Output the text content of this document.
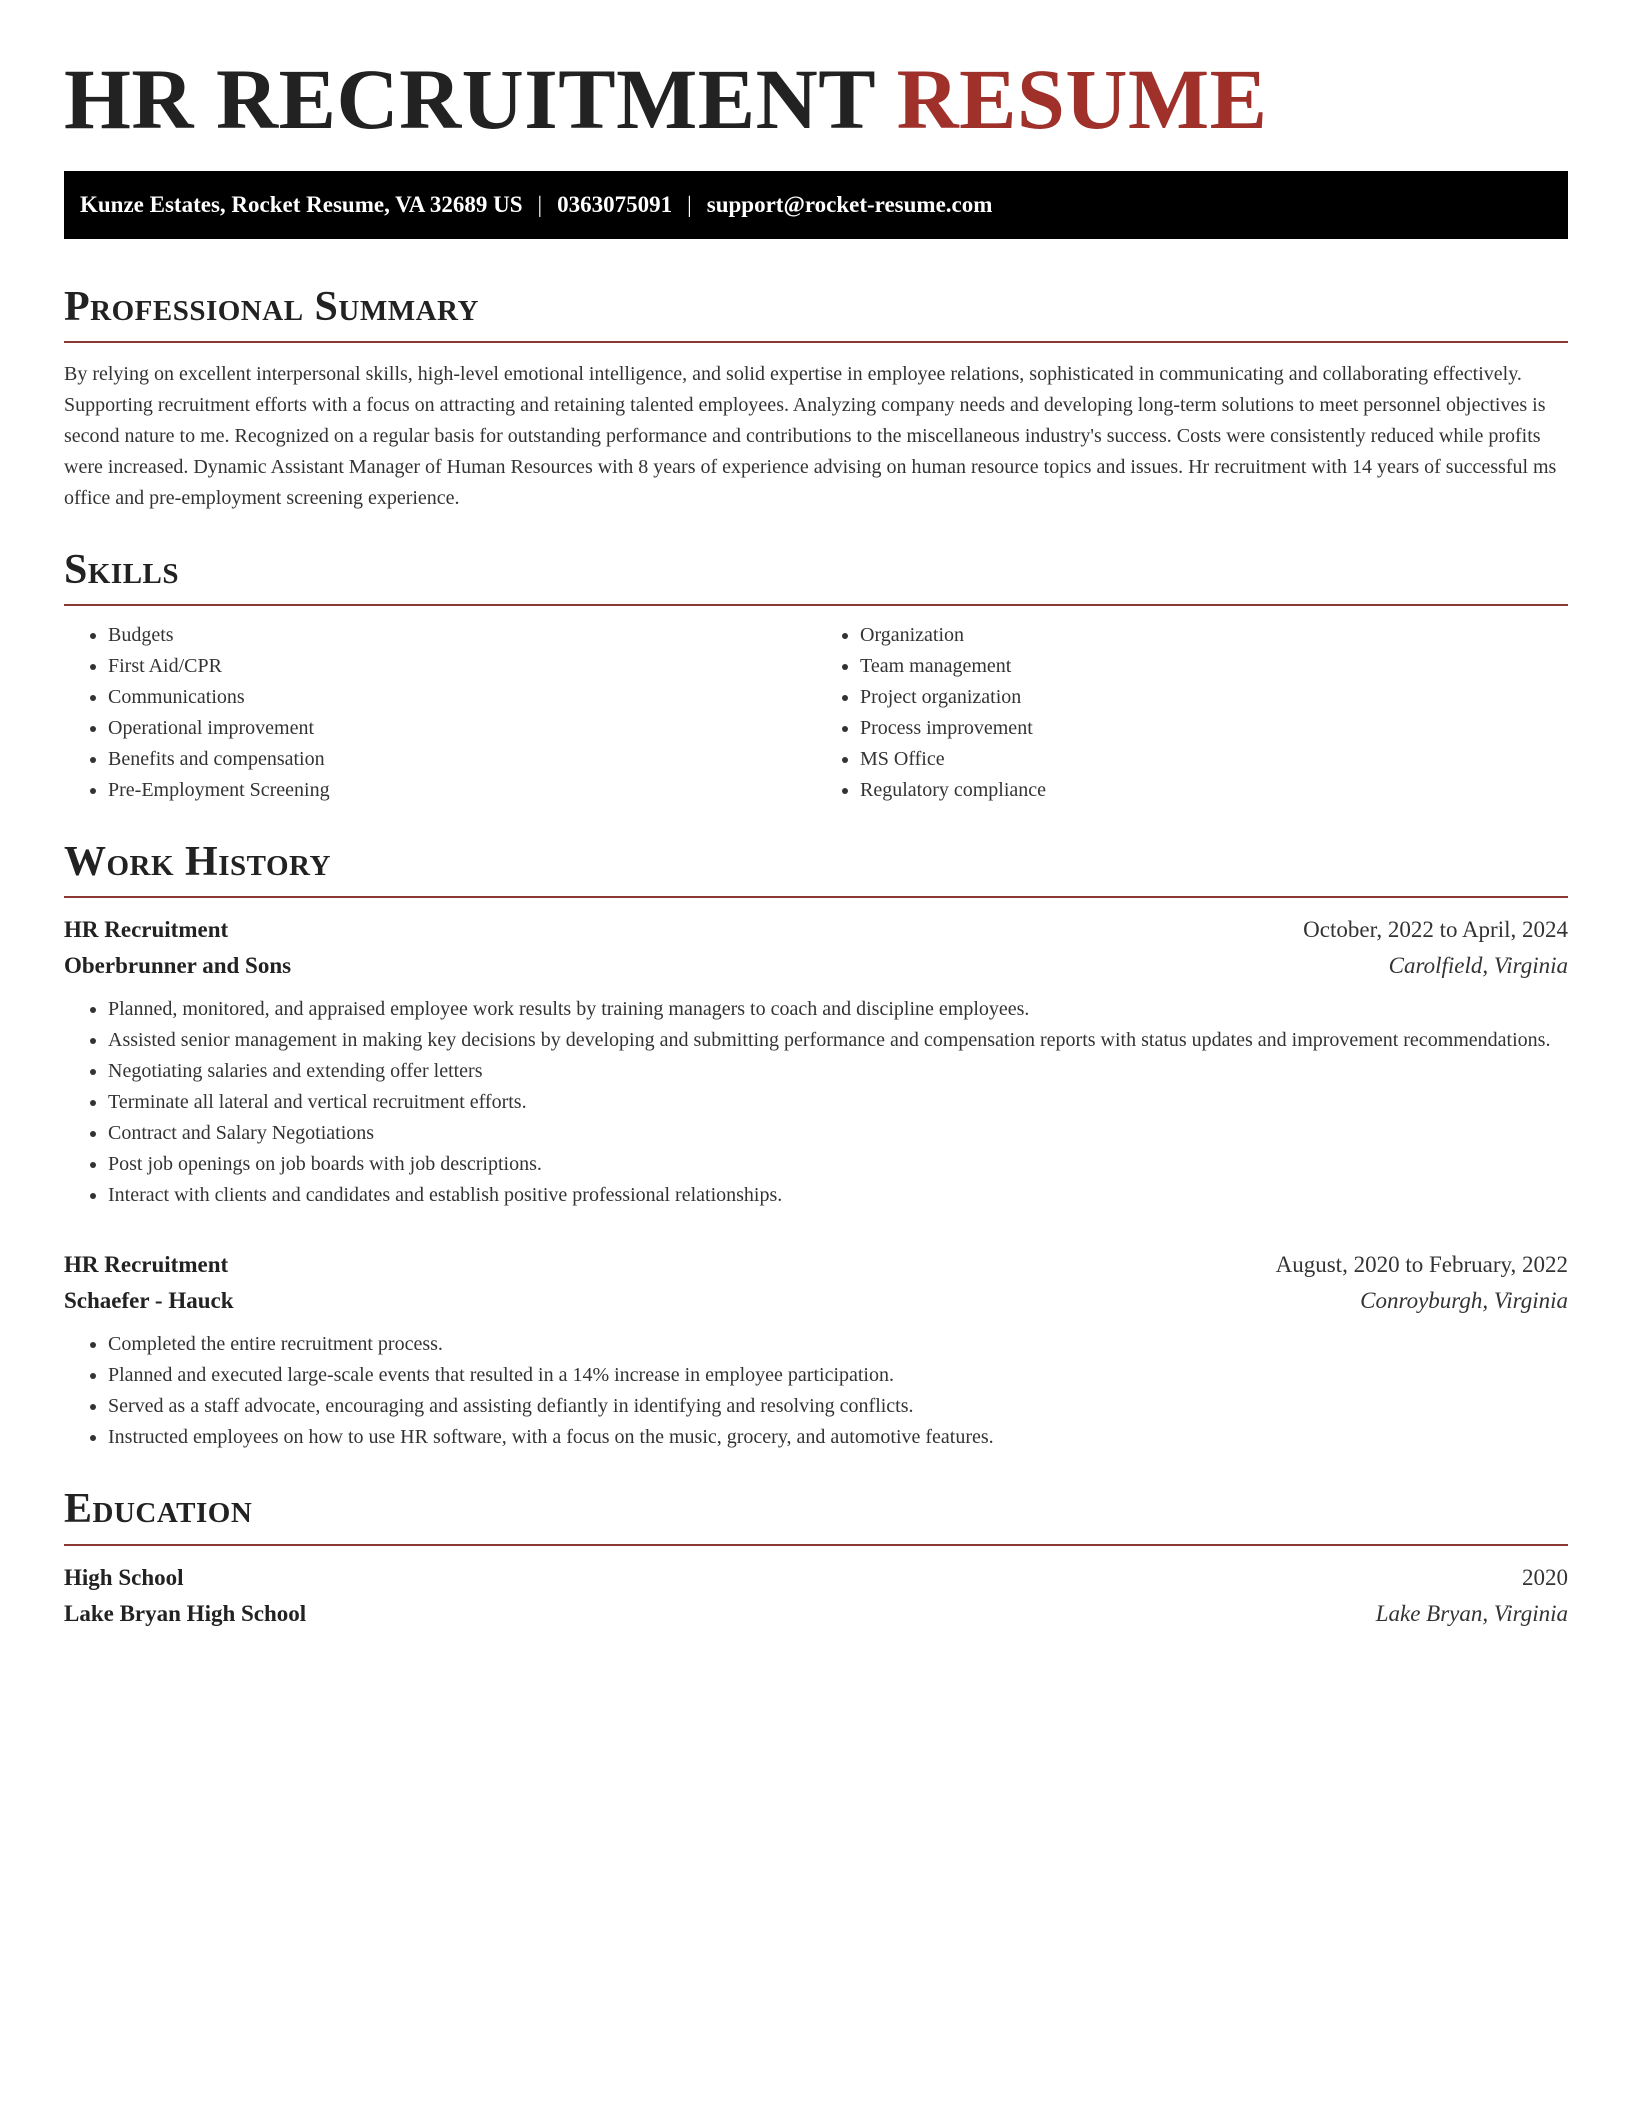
HR RECRUITMENT RESUME
Kunze Estates, Rocket Resume, VA 32689 US | 0363075091 | support@rocket-resume.com
Professional Summary

By relying on excellent interpersonal skills, high-level emotional intelligence, and solid expertise in employee relations, sophisticated in communicating and collaborating effectively. Supporting recruitment efforts with a focus on attracting and retaining talented employees. Analyzing company needs and developing long-term solutions to meet personnel objectives is second nature to me. Recognized on a regular basis for outstanding performance and contributions to the miscellaneous industry's success. Costs were consistently reduced while profits were increased. Dynamic Assistant Manager of Human Resources with 8 years of experience advising on human resource topics and issues. Hr recruitment with 14 years of successful ms office and pre-employment screening experience.

Skills
• Budgets
• First Aid/CPR
• Communications
• Operational improvement
• Benefits and compensation
• Pre-Employment Screening
• Organization
• Team management
• Project organization
• Process improvement
• MS Office
• Regulatory compliance
Work History
HR Recruitment	October, 2022 to April, 2024
Oberbrunner and Sons	Carolfield, Virginia
• Planned, monitored, and appraised employee work results by training managers to coach and discipline employees.
• Assisted senior management in making key decisions by developing and submitting performance and compensation reports with status updates and improvement recommendations.
• Negotiating salaries and extending offer letters
• Terminate all lateral and vertical recruitment efforts.
• Contract and Salary Negotiations
• Post job openings on job boards with job descriptions.
• Interact with clients and candidates and establish positive professional relationships.
HR Recruitment	August, 2020 to February, 2022
Schaefer - Hauck	Conroyburgh, Virginia
• Completed the entire recruitment process.
• Planned and executed large-scale events that resulted in a 14% increase in employee participation.
• Served as a staff advocate, encouraging and assisting defiantly in identifying and resolving conflicts.
• Instructed employees on how to use HR software, with a focus on the music, grocery, and automotive features.
Education
High School	2020
Lake Bryan High School	Lake Bryan, Virginia
